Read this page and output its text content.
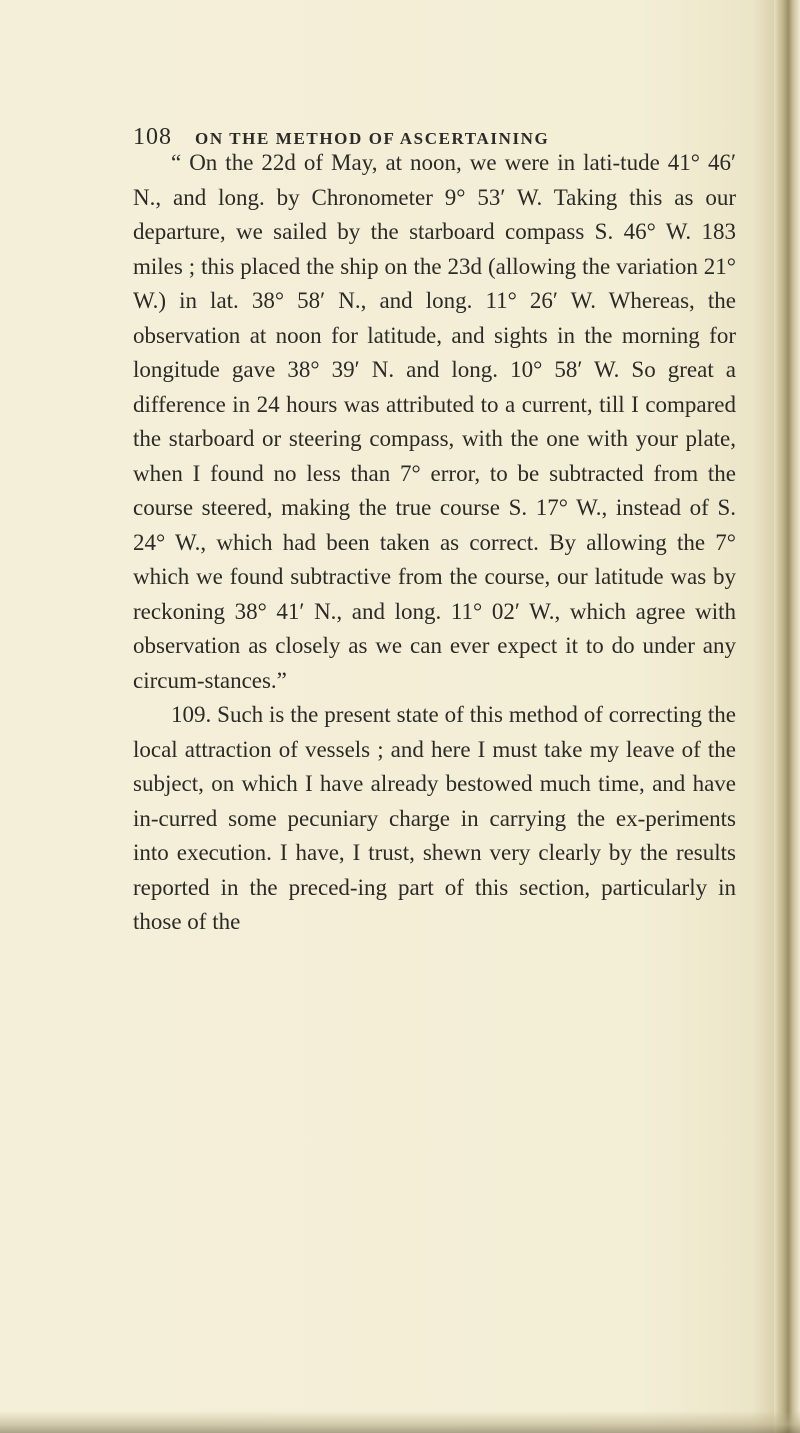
108 ON THE METHOD OF ASCERTAINING

“ On the 22d of May, at noon, we were in lati-tude 41° 46′ N., and long. by Chronometer 9° 53′ W. Taking this as our departure, we sailed by the starboard compass S. 46° W. 183 miles ; this placed the ship on the 23d (allowing the variation 21° W.) in lat. 38° 58′ N., and long. 11° 26′ W. Whereas, the observation at noon for latitude, and sights in the morning for longitude gave 38° 39′ N. and long. 10° 58′ W. So great a difference in 24 hours was attributed to a current, till I compared the starboard or steering compass, with the one with your plate, when I found no less than 7° error, to be subtracted from the course steered, making the true course S. 17° W., instead of S. 24° W., which had been taken as correct. By allowing the 7° which we found subtractive from the course, our latitude was by reckoning 38° 41′ N., and long. 11° 02′ W., which agree with observation as closely as we can ever expect it to do under any circum-stances.”

109. Such is the present state of this method of correcting the local attraction of vessels ; and here I must take my leave of the subject, on which I have already bestowed much time, and have in-curred some pecuniary charge in carrying the ex-periments into execution. I have, I trust, shewn very clearly by the results reported in the preced-ing part of this section, particularly in those of the
